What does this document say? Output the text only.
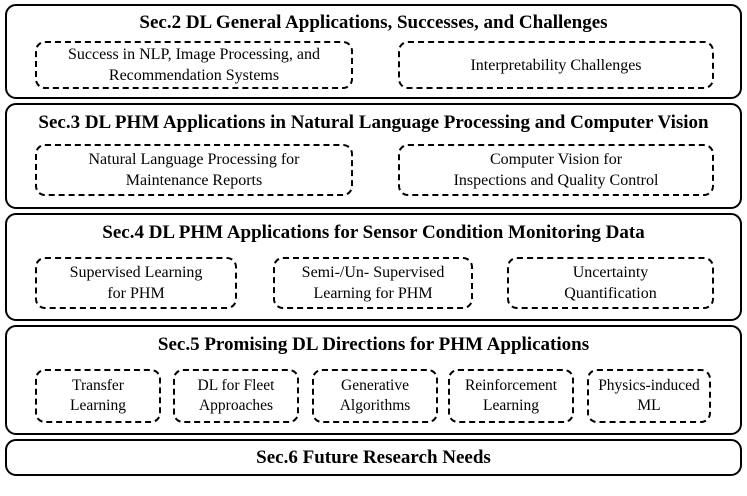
Sec.2 DL General Applications, Successes, and Challenges
Success in NLP, Image Processing, and
Recommendation Systems
Interpretability Challenges
Sec.3 DL PHM Applications in Natural Language Processing and Computer Vision
Natural Language Processing for
Maintenance Reports
Computer Vision for
Inspections and Quality Control
Sec.4 DL PHM Applications for Sensor Condition Monitoring Data
Supervised Learning
for PHM
Semi-/Un- Supervised
Learning for PHM
Uncertainty
Quantification
Sec.5 Promising DL Directions for PHM Applications
Transfer
Learning
DL for Fleet
Approaches
Generative
Algorithms
Reinforcement
Learning
Physics-induced
ML
Sec.6 Future Research Needs
